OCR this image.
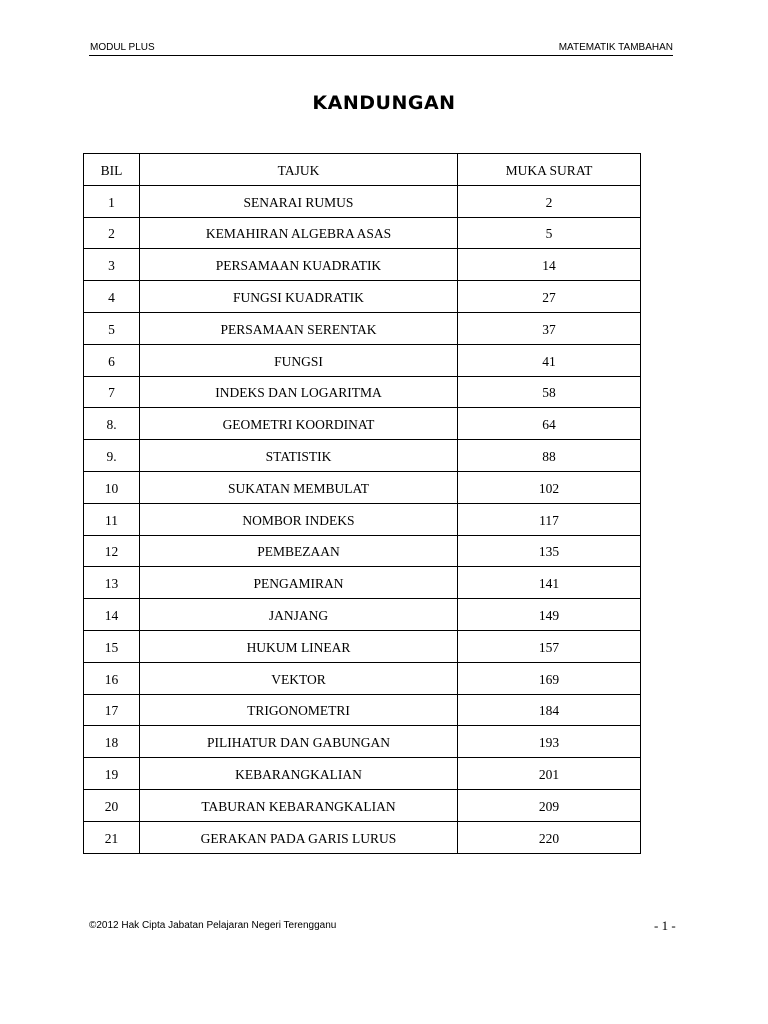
MODUL PLUS	MATEMATIK TAMBAHAN
KANDUNGAN
BIL	TAJUK	MUKA SURAT
1	SENARAI RUMUS	2
2	KEMAHIRAN ALGEBRA ASAS	5
3	PERSAMAAN KUADRATIK	14
4	FUNGSI KUADRATIK	27
5	PERSAMAAN SERENTAK	37
6	FUNGSI	41
7	INDEKS DAN LOGARITMA	58
8.	GEOMETRI KOORDINAT	64
9.	STATISTIK	88
10	SUKATAN MEMBULAT	102
11	NOMBOR INDEKS	117
12	PEMBEZAAN	135
13	PENGAMIRAN	141
14	JANJANG	149
15	HUKUM LINEAR	157
16	VEKTOR	169
17	TRIGONOMETRI	184
18	PILIHATUR DAN GABUNGAN	193
19	KEBARANGKALIAN	201
20	TABURAN KEBARANGKALIAN	209
21	GERAKAN PADA GARIS LURUS	220
©2012 Hak Cipta Jabatan Pelajaran Negeri Terengganu	- 1 -
